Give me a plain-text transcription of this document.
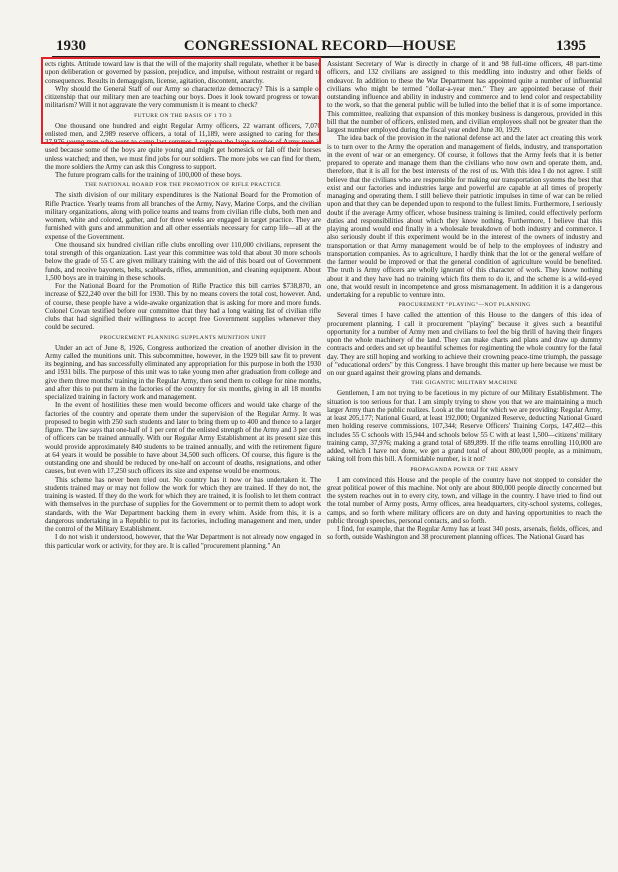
1930	CONGRESSIONAL RECORD—HOUSE	1395

ects rights. Attitude toward law is that the will of the majority shall regulate, whether it be based upon deliberation or governed by passion, prejudice, and impulse, without restraint or regard to consequences. Results in demagogism, license, agitation, discontent, anarchy.

Why should the General Staff of our Army so characterize democracy? This is a sample of citizenship that our military men are teaching our boys. Does it look toward progress or toward militarism? Will it not aggravate the very communism it is meant to check?

FUTURE ON THE BASIS OF 1 TO 3

One thousand one hundred and eight Regular Army officers, 22 warrant officers, 7,070 enlisted men, and 2,989 reserve officers, a total of 11,189, were assigned to caring for these 37,976 young men who went to camp last summer. I suppose the large number of Army men is used because some of the boys are quite young and might get homesick or fall off their horses unless watched; and then, we must find jobs for our soldiers. The more jobs we can find for them, the more soldiers the Army can ask this Congress to support.

The future program calls for the training of 100,000 of these boys.

THE NATIONAL BOARD FOR THE PROMOTION OF RIFLE PRACTICE

The sixth division of our military expenditures is the National Board for the Promotion of Rifle Practice. Yearly teams from all branches of the Army, Navy, Marine Corps, and the civilian military organizations, along with police teams and teams from civilian rifle clubs, both men and women, white and colored, gather, and for three weeks are engaged in target practice. They are furnished with guns and ammunition and all other essentials necessary for camp life—all at the expense of the Government.

One thousand six hundred civilian rifle clubs enrolling over 110,000 civilians, represent the total strength of this organization. Last year this committee was told that about 30 more schools below the grade of 55 C are given military training with the aid of this board out of Government funds, and receive bayonets, belts, scabbards, rifles, ammunition, and cleaning equipment. About 1,500 boys are in training in these schools.

For the National Board for the Promotion of Rifle Practice this bill carries $738,870, an increase of $22,240 over the bill for 1930. This by no means covers the total cost, however. And, of course, these people have a wide-awake organization that is asking for more and more funds. Colonel Cowan testified before our committee that they had a long waiting list of civilian rifle clubs that had signified their willingness to accept free Government supplies whenever they could be secured.

PROCUREMENT PLANNING SUPPLANTS MUNITION UNIT

Under an act of June 8, 1926, Congress authorized the creation of another division in the Army called the munitions unit. This subcommittee, however, in the 1929 bill saw fit to prevent its beginning, and has successfully eliminated any appropriation for this purpose in both the 1930 and 1931 bills. The purpose of this unit was to take young men after graduation from college and give them three months' training in the Regular Army, then send them to college for nine months, and after this to put them in the factories of the country for six months, giving in all 18 months specialized training in factory work and management.

In the event of hostilities these men would become officers and would take charge of the factories of the country and operate them under the supervision of the Regular Army. It was proposed to begin with 250 such students and later to bring them up to 400 and thence to a larger figure. The law says that one-half of 1 per cent of the enlisted strength of the Army and 3 per cent of officers can be trained annually. With our Regular Army Establishment at its present size this would provide approximately 840 students to be trained annually, and with the retirement figure at 64 years it would be possible to have about 34,500 such officers. Of course, this figure is the outstanding one and should be reduced by one-half on account of deaths, resignations, and other causes, but even with 17,250 such officers its size and expense would be enormous.

This scheme has never been tried out. No country has it now or has undertaken it. The students trained may or may not follow the work for which they are trained. If they do not, the training is wasted. If they do the work for which they are trained, it is foolish to let them contract with themselves in the purchase of supplies for the Government or to permit them to adopt work standards, with the War Department backing them in every whim. Aside from this, it is a dangerous undertaking in a Republic to put its factories, including management and men, under the control of the Military Establishment.

I do not wish it understood, however, that the War Department is not already now engaged in this particular work or activity, for they are. It is called "procurement planning." An

Assistant Secretary of War is directly in charge of it and 98 full-time officers, 48 part-time officers, and 132 civilians are assigned to this meddling into industry and other fields of endeavor. In addition to these the War Department has appointed quite a number of influential civilians who might be termed "dollar-a-year men." They are appointed because of their outstanding influence and ability in industry and commerce and to lend color and respectability to the work, so that the general public will be lulled into the belief that it is of some importance. This committee, realizing that expansion of this monkey business is dangerous, provided in this bill that the number of officers, enlisted men, and civilian employees shall not be greater than the largest number employed during the fiscal year ended June 30, 1929.

The idea back of the provision in the national defense act and the later act creating this work is to turn over to the Army the operation and management of fields, industry, and transportation in the event of war or an emergency. Of course, it follows that the Army feels that it is better prepared to operate and manage them than the civilians who now own and operate them, and, therefore, that it is all for the best interests of the rest of us. With this idea I do not agree. I still believe that the civilians who are responsible for making our transportation systems the best that exist and our factories and industries large and powerful are capable at all times of properly managing and operating them. I still believe their patriotic impulses in time of war can be relied upon and that they can be depended upon to respond to the fullest limits. Furthermore, I seriously doubt if the average Army officer, whose business training is limited, could effectively perform duties and responsibilities about which they know nothing. Furthermore, I believe that this playing around would end finally in a wholesale breakdown of both industry and commerce. I also seriously doubt if this experiment would be in the interest of the owners of industry and transportation or that Army management would be of help to the employees of industry and transportation companies. As to agriculture, I hardly think that the lot or the general welfare of the farmer would be improved or that the general condition of agriculture would be benefited. The truth is Army officers are wholly ignorant of this character of work. They know nothing about it and they have had no training which fits them to do it, and the scheme is a wild-eyed one, that would result in incompetence and gross mismanagement. In addition it is a dangerous undertaking for a republic to venture into.

PROCUREMENT "PLAYING"—NOT PLANNING

Several times I have called the attention of this House to the dangers of this idea of procurement planning. I call it procurement "playing" because it gives such a beautiful opportunity for a number of Army men and civilians to feel the big thrill of having their fingers upon the whole machinery of the land. They can make charts and plans and draw up dummy contracts and orders and set up beautiful schemes for regimenting the whole country for the fatal day. They are still hoping and working to achieve their crowning peace-time triumph, the passage of "educational orders" by this Congress. I have brought this matter up here because we must be on our guard against their growing plans and demands.

THE GIGANTIC MILITARY MACHINE

Gentlemen, I am not trying to be facetious in my picture of our Military Establishment. The situation is too serious for that. I am simply trying to show you that we are maintaining a much larger Army than the public realizes. Look at the total for which we are providing: Regular Army, at least 205,177; National Guard, at least 192,000; Organized Reserve, deducting National Guard men holding reserve commissions, 107,344; Reserve Officers' Training Corps, 147,402—this includes 55 C schools with 15,944 and schools below 55 C with at least 1,500—citizens' military training camp, 37,976; making a grand total of 689,899. If the rifle teams enrolling 110,000 are added, which I have not done, we get a grand total of about 800,000 people, as a minimum, taking toll from this bill. A formidable number, is it not?

PROPAGANDA POWER OF THE ARMY

I am convinced this House and the people of the country have not stopped to consider the great political power of this machine. Not only are about 800,000 people directly concerned but the system reaches out in to every city, town, and village in the country. I have tried to find out the total number of Army posts, Army offices, area headquarters, city-school systems, colleges, camps, and so forth where military officers are on duty and having opportunities to reach the public through speeches, personal contacts, and so forth.

I find, for example, that the Regular Army has at least 340 posts, arsenals, fields, offices, and so forth, outside Washington and 38 procurement planning offices. The National Guard has
